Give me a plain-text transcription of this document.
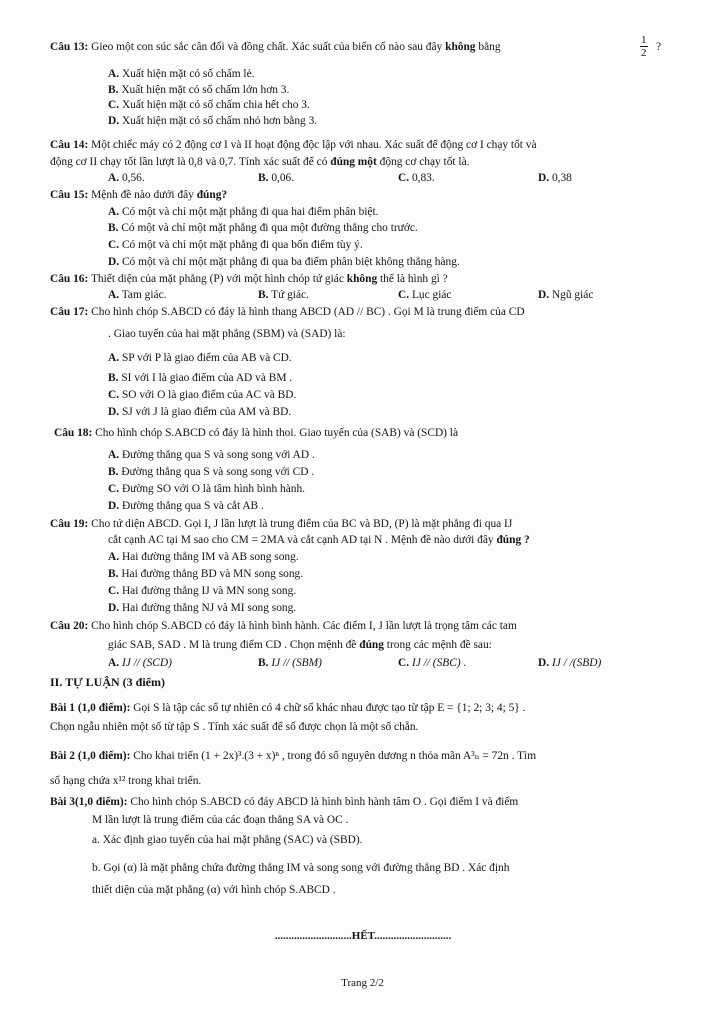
Câu 13: Gieo một con súc sắc cân đối và đồng chất. Xác suất của biến cố nào sau đây không bằng	$\frac{1}{2}$ ?
A. Xuất hiện mặt có số chấm lẻ.
B. Xuất hiện mặt có số chấm lớn hơn 3.
C. Xuất hiện mặt có số chấm chia hết cho 3.
D. Xuất hiện mặt có số chấm nhỏ hơn bằng 3.
Câu 14: Một chiếc máy có 2 động cơ I và II hoạt động độc lập với nhau. Xác suất để động cơ I chạy tốt và
động cơ II chạy tốt lần lượt là 0,8 và 0,7. Tính xác suất để có đúng một động cơ chạy tốt là.
A. 0,56.	B. 0,06.	C. 0,83.	D. 0,38
Câu 15: Mệnh đề nào dưới đây đúng?
A. Có một và chỉ một mặt phẳng đi qua hai điểm phân biệt.
B. Có một và chỉ một mặt phẳng đi qua một đường thẳng cho trước.
C. Có một và chỉ một mặt phẳng đi qua bốn điểm tùy ý.
D. Có một và chỉ một mặt phẳng đi qua ba điểm phân biệt không thẳng hàng.
Câu 16: Thiết diện của mặt phẳng (P) với một hình chóp tứ giác không thể là hình gì ?
A. Tam giác.	B. Tứ giác.	C. Lục giác	D. Ngũ giác
Câu 17: Cho hình chóp S.ABCD có đáy là hình thang ABCD (AD // BC) . Gọi M là trung điểm của CD
. Giao tuyến của hai mặt phẳng (SBM) và (SAD) là:
A. SP với P là giao điểm của AB và CD.
B. SI với I là giao điểm của AD và BM .
C. SO với O là giao điểm của AC và BD.
D. SJ với J là giao điểm của AM và BD.
Câu 18: Cho hình chóp S.ABCD có đáy là hình thoi. Giao tuyến của (SAB) và (SCD) là
A. Đường thẳng qua S và song song với AD .
B. Đường thẳng qua S và song song với CD .
C. Đường SO với O là tâm hình bình hành.
D. Đường thẳng qua S và cắt AB .
Câu 19: Cho tứ diện ABCD. Gọi I, J lần lượt là trung điểm của BC và BD, (P) là mặt phẳng đi qua IJ
cắt cạnh AC tại M sao cho CM = 2MA và cắt cạnh AD tại N . Mệnh đề nào dưới đây đúng ?
A. Hai đường thẳng IM và AB song song.
B. Hai đường thẳng BD và MN song song.
C. Hai đường thẳng IJ và MN song song.
D. Hai đường thẳng NJ và MI song song.
Câu 20: Cho hình chóp S.ABCD có đáy là hình bình hành. Các điểm I, J lần lượt là trọng tâm các tam
giác SAB, SAD . M là trung điểm CD . Chọn mệnh đề đúng trong các mệnh đề sau:
A. IJ // (SCD)	B. IJ // (SBM)	C. IJ // (SBC) .	D. IJ / /(SBD)
II. TỰ LUẬN (3 điểm)
Bài 1 (1,0 điểm): Gọi S là tập các số tự nhiên có 4 chữ số khác nhau được tạo từ tập E = {1; 2; 3; 4; 5} .
Chọn ngẫu nhiên một số từ tập S . Tính xác suất để số được chọn là một số chẵn.
Bài 2 (1,0 điểm): Cho khai triển (1 + 2x)³.(3 + x)ⁿ , trong đó số nguyên dương n thỏa mãn A³ₙ = 72n . Tìm
số hạng chứa x¹² trong khai triển.
Bài 3(1,0 điểm): Cho hình chóp S.ABCD có đáy ABCD là hình bình hành tâm O . Gọi điểm I và điểm
M lần lượt là trung điểm của các đoạn thẳng SA và OC .
a. Xác định giao tuyến của hai mặt phẳng (SAC) và (SBD).
b. Gọi (α) là mặt phẳng chứa đường thẳng IM và song song với đường thẳng BD . Xác định
thiết diện của mặt phẳng (α) với hình chóp S.ABCD .
............................HẾT............................
Trang 2/2
